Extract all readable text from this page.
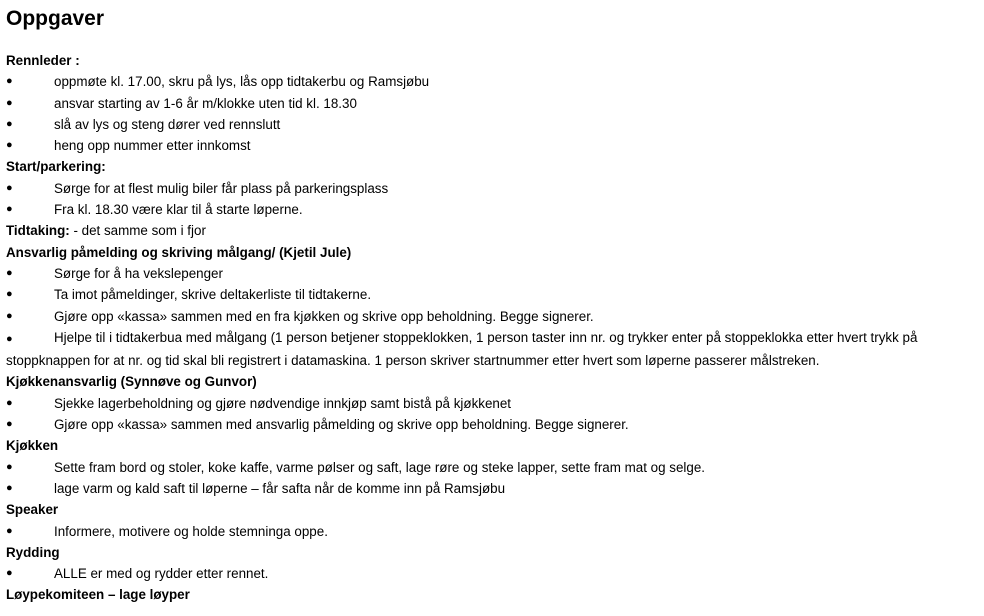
Oppgaver
Rennleder :
●	oppmøte kl. 17.00, skru på lys, lås opp tidtakerbu og Ramsjøbu
●	ansvar starting av 1-6 år m/klokke uten tid kl. 18.30
●	slå av lys og steng dører ved rennslutt
●	heng opp nummer etter innkomst
Start/parkering:
●	Sørge for at flest mulig biler får plass på parkeringsplass
●	Fra kl. 18.30 være klar til å starte løperne.
Tidtaking: - det samme som i fjor
Ansvarlig påmelding og skriving målgang/ (Kjetil Jule)
●	Sørge for å ha vekslepenger
●	Ta imot påmeldinger, skrive deltakerliste til tidtakerne.
●	Gjøre opp «kassa» sammen med en fra kjøkken og skrive opp beholdning. Begge signerer.
●	Hjelpe til i tidtakerbua med målgang (1 person betjener stoppeklokken, 1 person taster inn nr. og trykker enter på stoppeklokka etter hvert trykk på stoppknappen for at nr. og tid skal bli registrert i datamaskina. 1 person skriver startnummer etter hvert som løperne passerer målstreken.
Kjøkkenansvarlig (Synnøve og Gunvor)
●	Sjekke lagerbeholdning og gjøre nødvendige innkjøp samt bistå på kjøkkenet
●	Gjøre opp «kassa» sammen med ansvarlig påmelding og skrive opp beholdning. Begge signerer.
Kjøkken
●	Sette fram bord og stoler, koke kaffe, varme pølser og saft, lage røre og steke lapper, sette fram mat og selge.
●	lage varm og kald saft til løperne – får safta når de komme inn på Ramsjøbu
Speaker
●	Informere, motivere og holde stemninga oppe.
Rydding
●	ALLE er med og rydder etter rennet.
Løypekomiteen – lage løyper
